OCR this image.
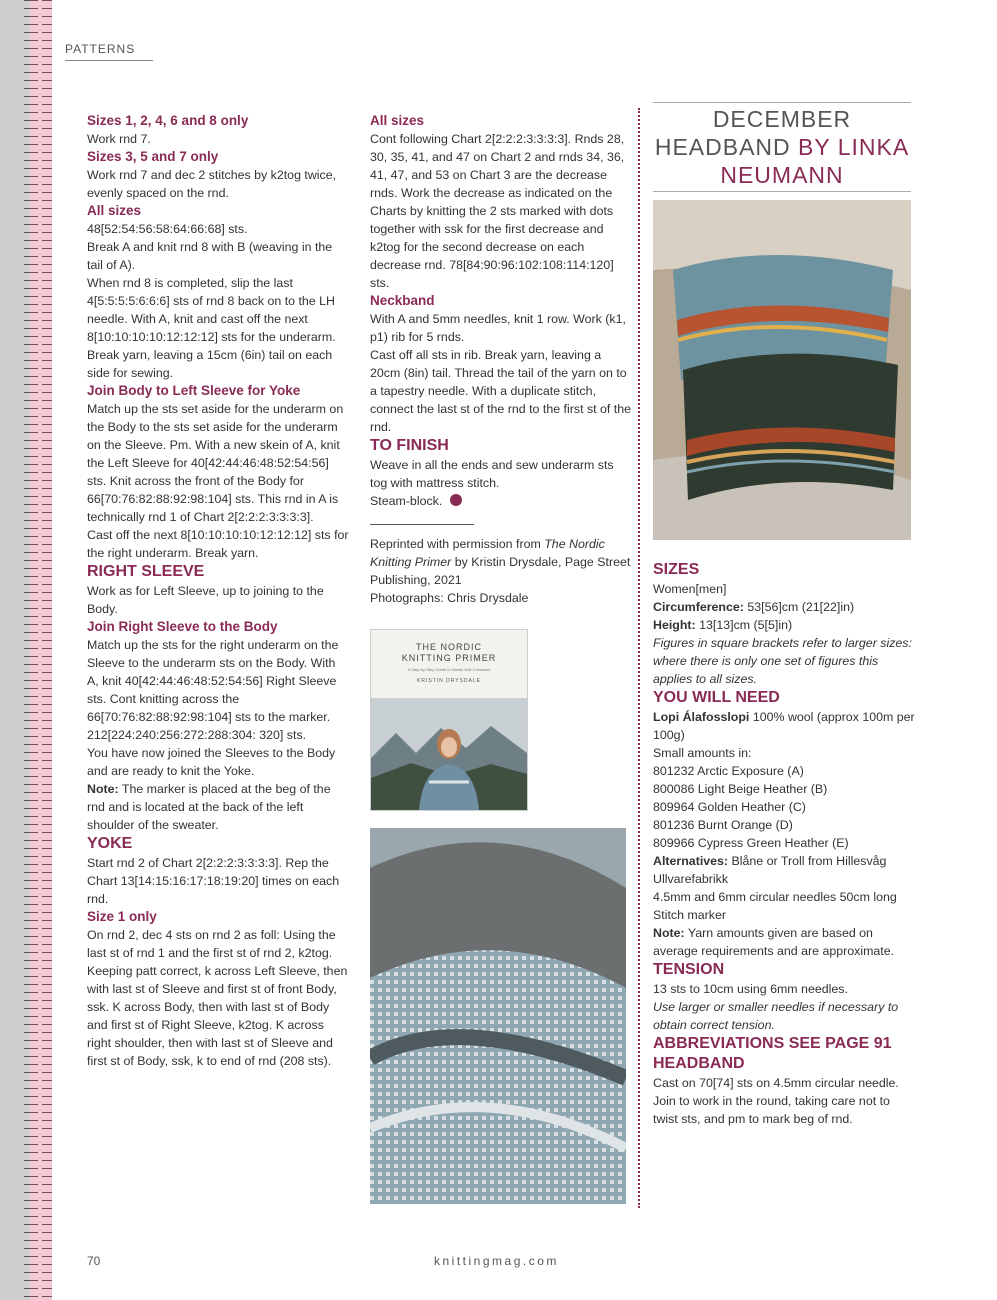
PATTERNS

Sizes 1, 2, 4, 6 and 8 only

Work rnd 7.

Sizes 3, 5 and 7 only

Work rnd 7 and dec 2 stitches by k2tog twice, evenly spaced on the rnd.

All sizes

48[52:54:56:58:64:66:68] sts.

Break A and knit rnd 8 with B (weaving in the tail of A).

When rnd 8 is completed, slip the last 4[5:5:5:5:6:6:6] sts of rnd 8 back on to the LH needle. With A, knit and cast off the next 8[10:10:10:10:12:12:12] sts for the underarm. Break yarn, leaving a 15cm (6in) tail on each side for sewing.

Join Body to Left Sleeve for Yoke

Match up the sts set aside for the underarm on the Body to the sts set aside for the underarm on the Sleeve. Pm. With a new skein of A, knit the Left Sleeve for 40[42:44:46:48:52:54:56] sts. Knit across the front of the Body for 66[70:76:82:88:92:98:104] sts. This rnd in A is technically rnd 1 of Chart 2[2:2:2:3:3:3:3].

Cast off the next 8[10:10:10:10:12:12:12] sts for the right underarm. Break yarn.

RIGHT SLEEVE

Work as for Left Sleeve, up to joining to the Body.

Join Right Sleeve to the Body

Match up the sts for the right underarm on the Sleeve to the underarm sts on the Body. With A, knit 40[42:44:46:48:52:54:56] Right Sleeve sts. Cont knitting across the 66[70:76:82:88:92:98:104] sts to the marker. 212[224:240:256:272:288:304: 320] sts.

You have now joined the Sleeves to the Body and are ready to knit the Yoke.

Note: The marker is placed at the beg of the rnd and is located at the back of the left shoulder of the sweater.

YOKE

Start rnd 2 of Chart 2[2:2:2:3:3:3:3]. Rep the Chart 13[14:15:16:17:18:19:20] times on each rnd.

Size 1 only

On rnd 2, dec 4 sts on rnd 2 as foll: Using the last st of rnd 1 and the first st of rnd 2, k2tog. Keeping patt correct, k across Left Sleeve, then with last st of Sleeve and first st of front Body, ssk. K across Body, then with last st of Body and first st of Right Sleeve, k2tog. K across right shoulder, then with last st of Sleeve and first st of Body, ssk, k to end of rnd (208 sts).

All sizes

Cont following Chart 2[2:2:2:3:3:3:3]. Rnds 28, 30, 35, 41, and 47 on Chart 2 and rnds 34, 36, 41, 47, and 53 on Chart 3 are the decrease rnds. Work the decrease as indicated on the Charts by knitting the 2 sts marked with dots together with ssk for the first decrease and k2tog for the second decrease on each decrease rnd. 78[84:90:96:102:108:114:120] sts.

Neckband

With A and 5mm needles, knit 1 row. Work (k1, p1) rib for 5 rnds.

Cast off all sts in rib. Break yarn, leaving a 20cm (8in) tail. Thread the tail of the yarn on to a tapestry needle. With a duplicate stitch, connect the last st of the rnd to the first st of the rnd.

TO FINISH

Weave in all the ends and sew underarm sts tog with mattress stitch.

Steam-block.

Reprinted with permission from The Nordic Knitting Primer by Kristin Drysdale, Page Street Publishing, 2021

Photographs: Chris Drysdale

THE NORDIC KNITTING PRIMER
A Step-by-Step Guide to Nordic Knit Colorwork
KRISTIN DRYSDALE
DECEMBER
HEADBAND BY LINKA
NEUMANN

SIZES

Women[men]

Circumference: 53[56]cm (21[22]in)

Height: 13[13]cm (5[5]in)

Figures in square brackets refer to larger sizes: where there is only one set of figures this applies to all sizes.

YOU WILL NEED

Lopi Álafosslopi 100% wool (approx 100m per 100g)

Small amounts in:

801232 Arctic Exposure (A)

800086 Light Beige Heather (B)

809964 Golden Heather (C)

801236 Burnt Orange (D)

809966 Cypress Green Heather (E)

Alternatives: Blåne or Troll from Hillesvåg Ullvarefabrikk

4.5mm and 6mm circular needles 50cm long

Stitch marker

Note: Yarn amounts given are based on average requirements and are approximate.

TENSION

13 sts to 10cm using 6mm needles.

Use larger or smaller needles if necessary to obtain correct tension.

ABBREVIATIONS SEE PAGE 91

HEADBAND

Cast on 70[74] sts on 4.5mm circular needle. Join to work in the round, taking care not to twist sts, and pm to mark beg of rnd.

70	knittingmag.com
